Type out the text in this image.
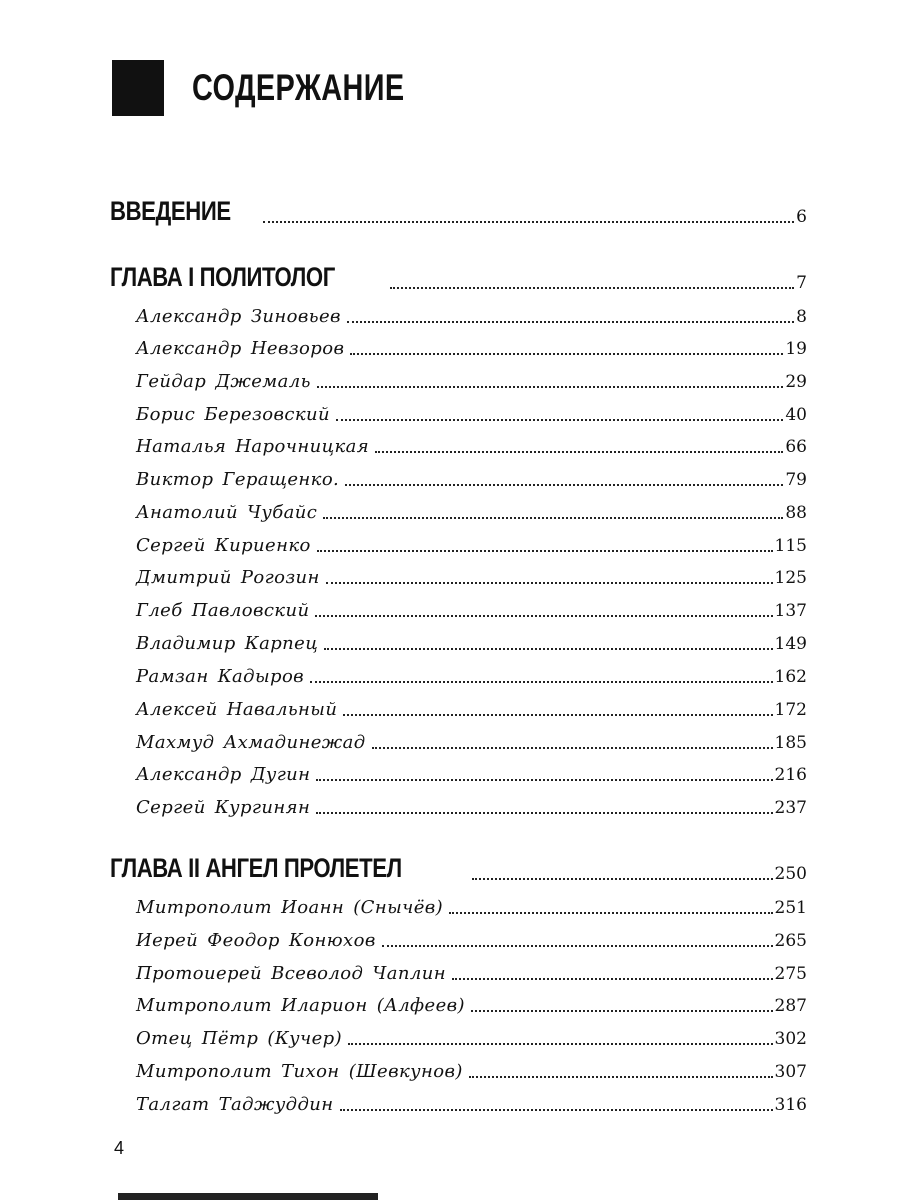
СОДЕРЖАНИЕ
ВВЕДЕНИЕ	6
ГЛАВА I ПОЛИТОЛОГ	7
Александр Зиновьев	8
Александр Невзоров	19
Гейдар Джемаль	29
Борис Березовский	40
Наталья Нарочницкая	66
Виктор Геращенко.	79
Анатолий Чубайс	88
Сергей Кириенко	115
Дмитрий Рогозин	125
Глеб Павловский	137
Владимир Карпец	149
Рамзан Кадыров	162
Алексей Навальный	172
Махмуд Ахмадинежад	185
Александр Дугин	216
Сергей Кургинян	237
ГЛАВА II АНГЕЛ ПРОЛЕТЕЛ	250
Митрополит Иоанн (Снычёв)	251
Иерей Феодор Конюхов	265
Протоиерей Всеволод Чаплин	275
Митрополит Иларион (Алфеев)	287
Отец Пётр (Кучер)	302
Митрополит Тихон (Шевкунов)	307
Талгат Таджуддин	316
4
